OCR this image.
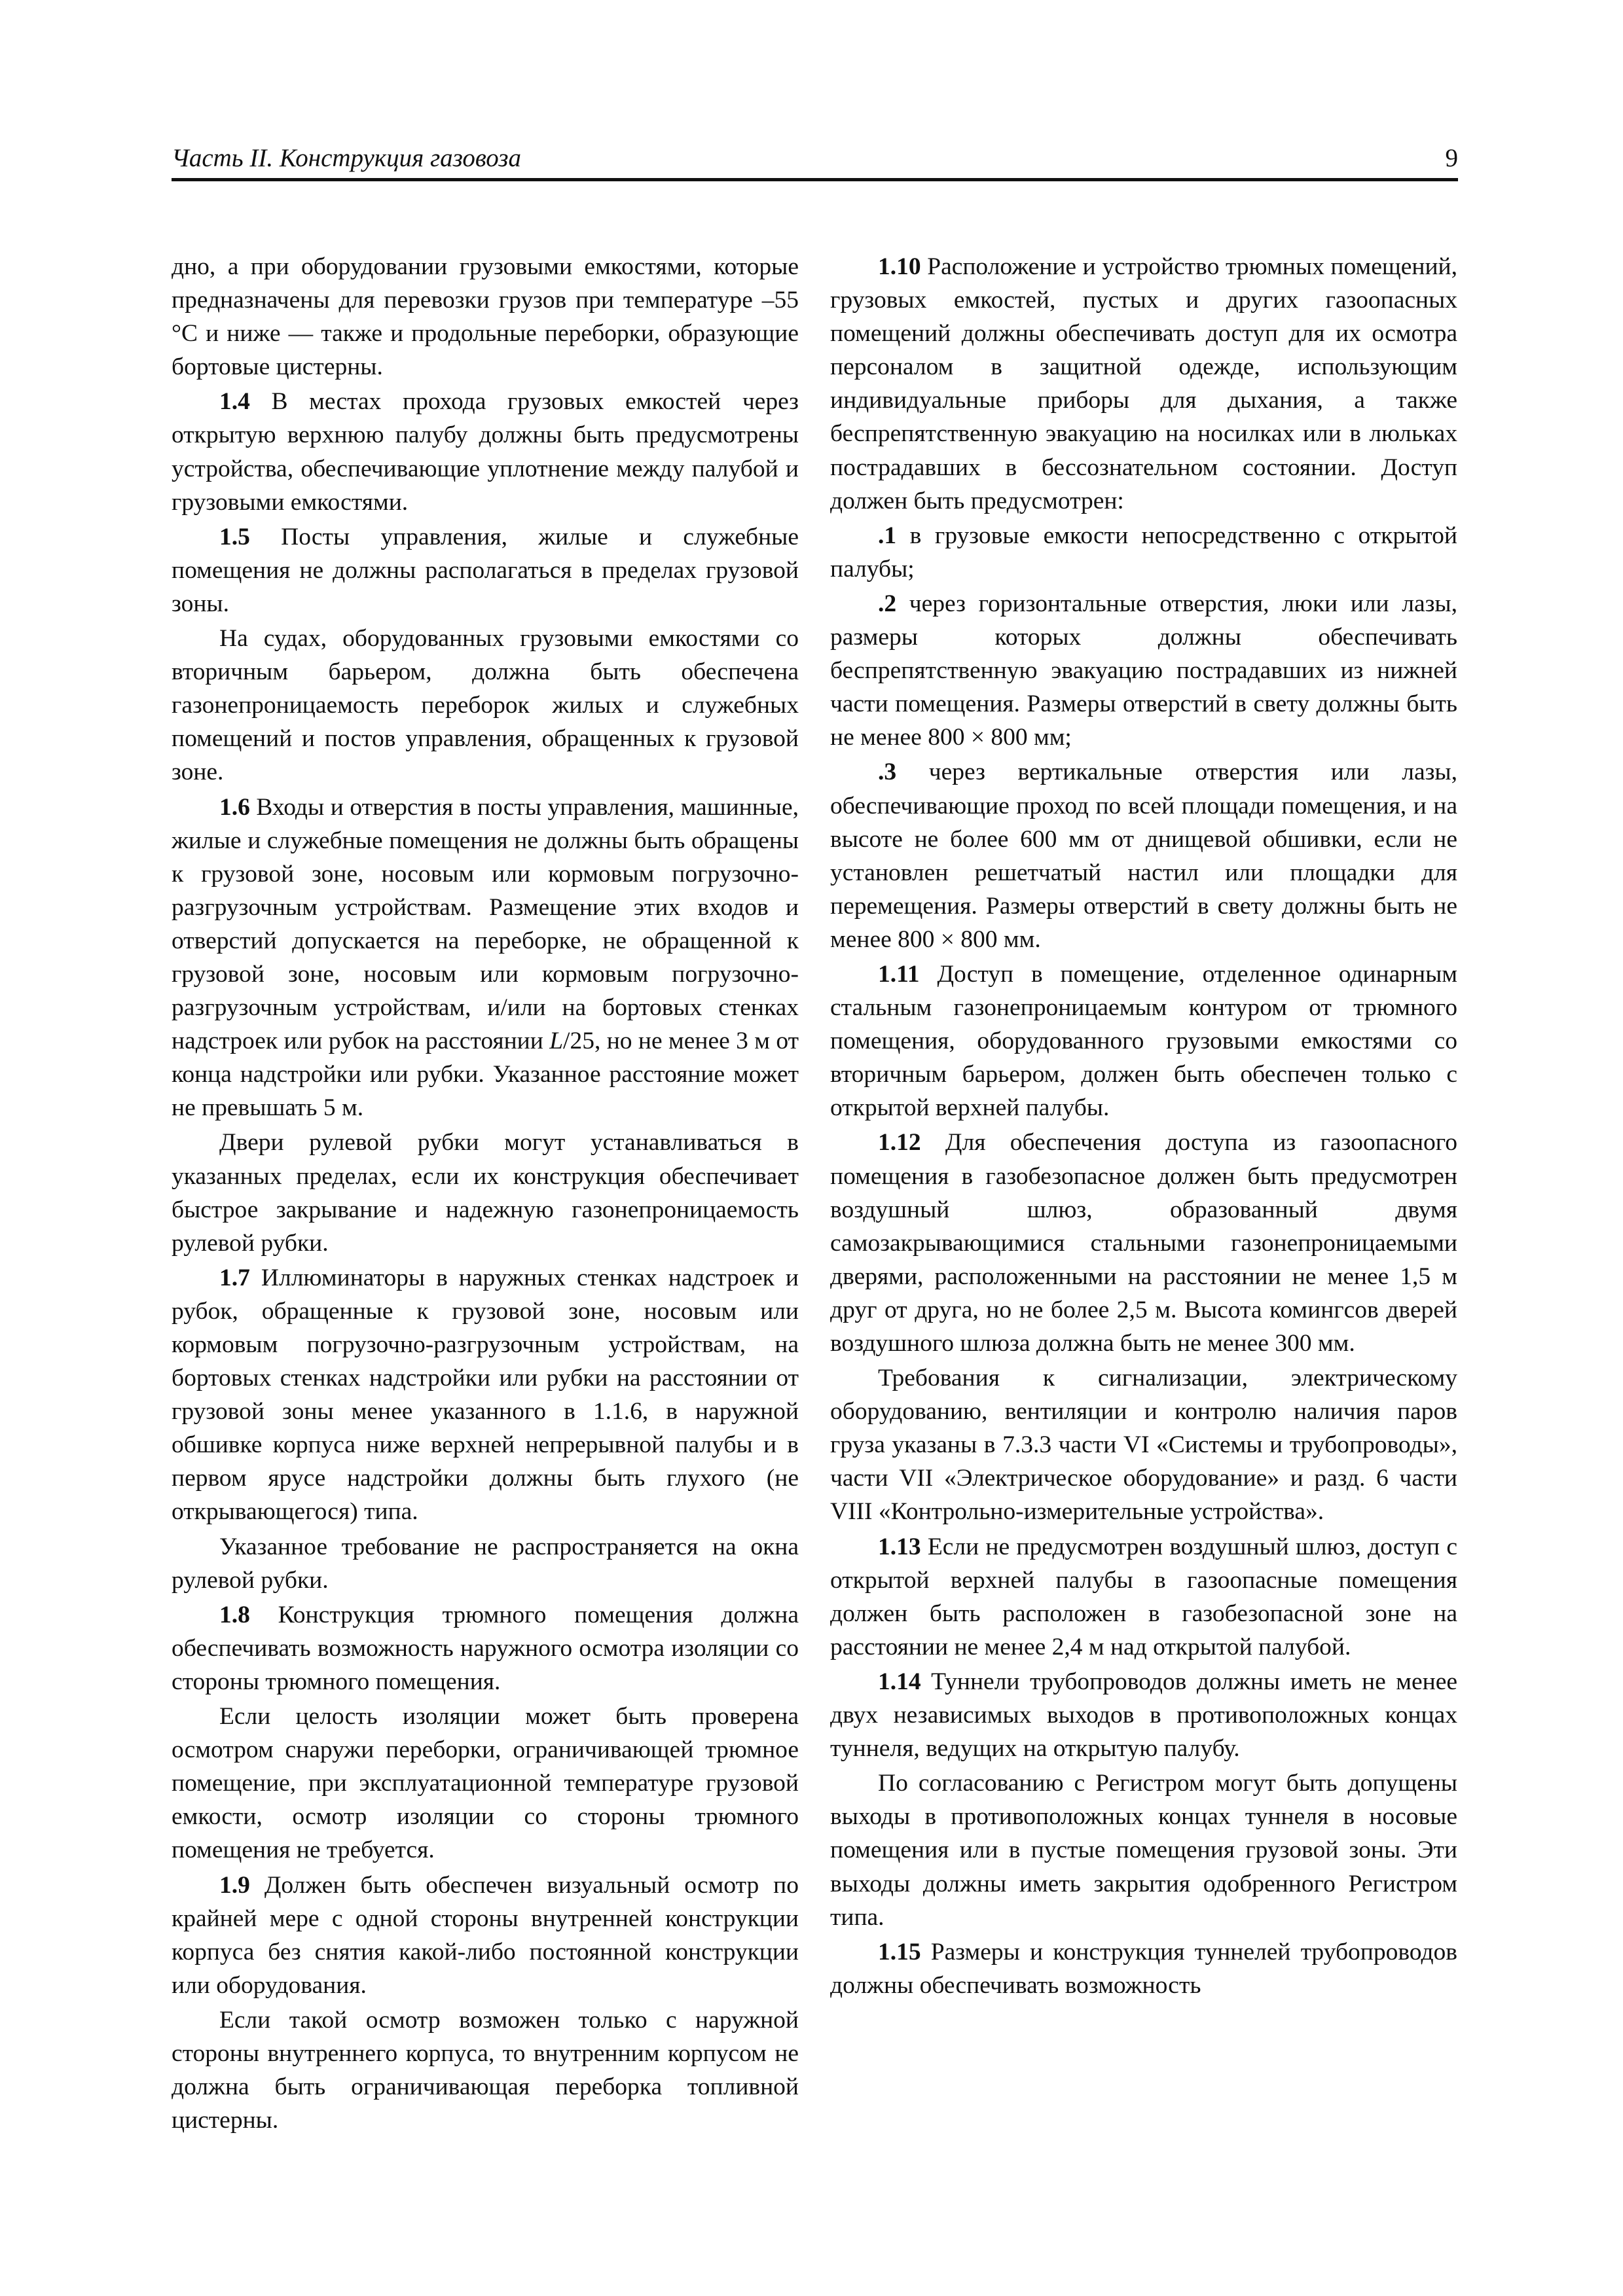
Часть II. Конструкция газовоза	9

дно, а при оборудовании грузовыми емкостями, которые предназначены для перевозки грузов при температуре –55 °С и ниже — также и продольные переборки, образующие бортовые цистерны.

1.4 В местах прохода грузовых емкостей через открытую верхнюю палубу должны быть предусмотрены устройства, обеспечивающие уплотнение между палубой и грузовыми емкостями.

1.5 Посты управления, жилые и служебные помещения не должны располагаться в пределах грузовой зоны.

На судах, оборудованных грузовыми емкостями со вторичным барьером, должна быть обеспечена газонепроницаемость переборок жилых и служебных помещений и постов управления, обращенных к грузовой зоне.

1.6 Входы и отверстия в посты управления, машинные, жилые и служебные помещения не должны быть обращены к грузовой зоне, носовым или кормовым погрузочно-разгрузочным устройствам. Размещение этих входов и отверстий допускается на переборке, не обращенной к грузовой зоне, носовым или кормовым погрузочно-разгрузочным устройствам, и/или на бортовых стенках надстроек или рубок на расстоянии L/25, но не менее 3 м от конца надстройки или рубки. Указанное расстояние может не превышать 5 м.

Двери рулевой рубки могут устанавливаться в указанных пределах, если их конструкция обеспечивает быстрое закрывание и надежную газонепроницаемость рулевой рубки.

1.7 Иллюминаторы в наружных стенках надстроек и рубок, обращенные к грузовой зоне, носовым или кормовым погрузочно-разгрузочным устройствам, на бортовых стенках надстройки или рубки на расстоянии от грузовой зоны менее указанного в 1.1.6, в наружной обшивке корпуса ниже верхней непрерывной палубы и в первом ярусе надстройки должны быть глухого (не открывающегося) типа.

Указанное требование не распространяется на окна рулевой рубки.

1.8 Конструкция трюмного помещения должна обеспечивать возможность наружного осмотра изоляции со стороны трюмного помещения.

Если целость изоляции может быть проверена осмотром снаружи переборки, ограничивающей трюмное помещение, при эксплуатационной температуре грузовой емкости, осмотр изоляции со стороны трюмного помещения не требуется.

1.9 Должен быть обеспечен визуальный осмотр по крайней мере с одной стороны внутренней конструкции корпуса без снятия какой-либо постоянной конструкции или оборудования.

Если такой осмотр возможен только с наружной стороны внутреннего корпуса, то внутренним корпусом не должна быть ограничивающая переборка топливной цистерны.

1.10 Расположение и устройство трюмных помещений, грузовых емкостей, пустых и других газоопасных помещений должны обеспечивать доступ для их осмотра персоналом в защитной одежде, использующим индивидуальные приборы для дыхания, а также беспрепятственную эвакуацию на носилках или в люльках пострадавших в бессознательном состоянии. Доступ должен быть предусмотрен:

.1 в грузовые емкости непосредственно с открытой палубы;

.2 через горизонтальные отверстия, люки или лазы, размеры которых должны обеспечивать беспрепятственную эвакуацию пострадавших из нижней части помещения. Размеры отверстий в свету должны быть не менее 800 × 800 мм;

.3 через вертикальные отверстия или лазы, обеспечивающие проход по всей площади помещения, и на высоте не более 600 мм от днищевой обшивки, если не установлен решетчатый настил или площадки для перемещения. Размеры отверстий в свету должны быть не менее 800 × 800 мм.

1.11 Доступ в помещение, отделенное одинарным стальным газонепроницаемым контуром от трюмного помещения, оборудованного грузовыми емкостями со вторичным барьером, должен быть обеспечен только с открытой верхней палубы.

1.12 Для обеспечения доступа из газоопасного помещения в газобезопасное должен быть предусмотрен воздушный шлюз, образованный двумя самозакрывающимися стальными газонепроницаемыми дверями, расположенными на расстоянии не менее 1,5 м друг от друга, но не более 2,5 м. Высота комингсов дверей воздушного шлюза должна быть не менее 300 мм.

Требования к сигнализации, электрическому оборудованию, вентиляции и контролю наличия паров груза указаны в 7.3.3 части VI «Системы и трубопроводы», части VII «Электрическое оборудование» и разд. 6 части VIII «Контрольно-измерительные устройства».

1.13 Если не предусмотрен воздушный шлюз, доступ с открытой верхней палубы в газоопасные помещения должен быть расположен в газобезопасной зоне на расстоянии не менее 2,4 м над открытой палубой.

1.14 Туннели трубопроводов должны иметь не менее двух независимых выходов в противоположных концах туннеля, ведущих на открытую палубу.

По согласованию с Регистром могут быть допущены выходы в противоположных концах туннеля в носовые помещения или в пустые помещения грузовой зоны. Эти выходы должны иметь закрытия одобренного Регистром типа.

1.15 Размеры и конструкция туннелей трубопроводов должны обеспечивать возможность
